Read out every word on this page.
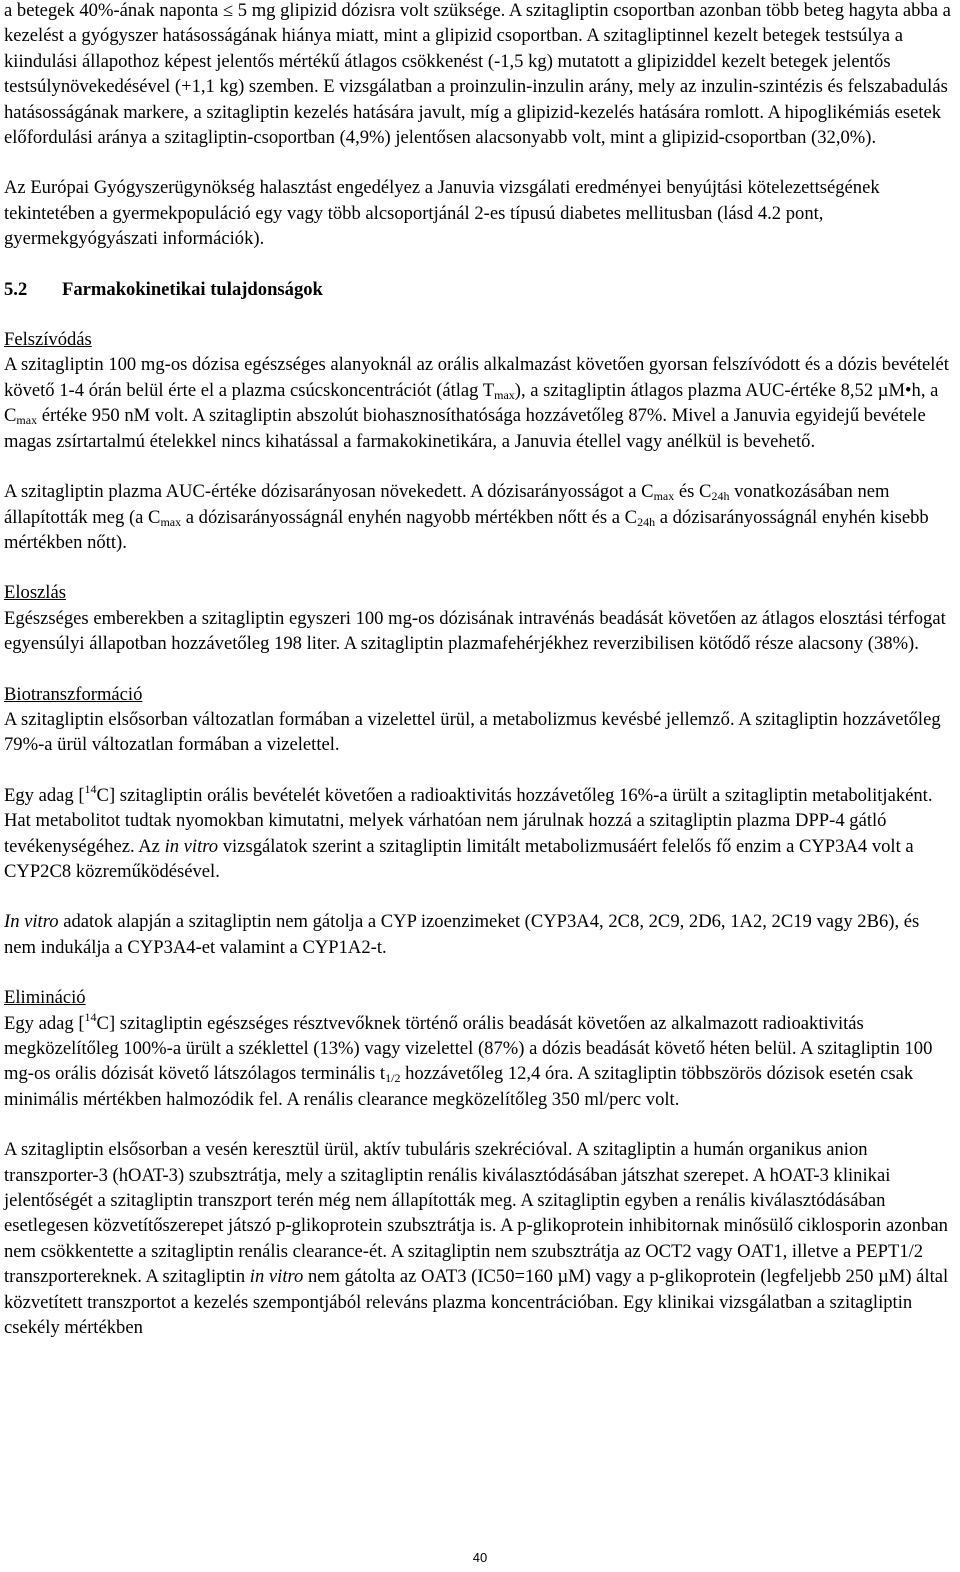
a betegek 40%-ának naponta ≤ 5 mg glipizid dózisra volt szüksége. A szitagliptin csoportban azonban több beteg hagyta abba a kezelést a gyógyszer hatásosságának hiánya miatt, mint a glipizid csoportban. A szitagliptinnel kezelt betegek testsúlya a kiindulási állapothoz képest jelentős mértékű átlagos csökkenést (-1,5 kg) mutatott a glipiziddel kezelt betegek jelentős testsúlynövekedésével (+1,1 kg) szemben. E vizsgálatban a proinzulin-inzulin arány, mely az inzulin-szintézis és felszabadulás hatásosságának markere, a szitagliptin kezelés hatására javult, míg a glipizid-kezelés hatására romlott. A hipoglikémiás esetek előfordulási aránya a szitagliptin-csoportban (4,9%) jelentősen alacsonyabb volt, mint a glipizid-csoportban (32,0%).

Az Európai Gyógyszerügynökség halasztást engedélyez a Januvia vizsgálati eredményei benyújtási kötelezettségének tekintetében a gyermekpopuláció egy vagy több alcsoportjánál 2-es típusú diabetes mellitusban (lásd 4.2 pont, gyermekgyógyászati információk).

5.2 Farmakokinetikai tulajdonságok

Felszívódás

A szitagliptin 100 mg-os dózisa egészséges alanyoknál az orális alkalmazást követően gyorsan felszívódott és a dózis bevételét követő 1-4 órán belül érte el a plazma csúcskoncentrációt (átlag $T_{max}$), a szitagliptin átlagos plazma AUC-értéke 8,52 µM•h, a $C_{max}$ értéke 950 nM volt. A szitagliptin abszolút biohasznosíthatósága hozzávetőleg 87%. Mivel a Januvia egyidejű bevétele magas zsírtartalmú ételekkel nincs kihatással a farmakokinetikára, a Januvia étellel vagy anélkül is bevehető.

A szitagliptin plazma AUC-értéke dózisarányosan növekedett. A dózisarányosságot a $C_{max}$ és $C_{24h}$ vonatkozásában nem állapították meg (a $C_{max}$ a dózisarányosságnál enyhén nagyobb mértékben nőtt és a $C_{24h}$ a dózisarányosságnál enyhén kisebb mértékben nőtt).

Eloszlás

Egészséges emberekben a szitagliptin egyszeri 100 mg-os dózisának intravénás beadását követően az átlagos elosztási térfogat egyensúlyi állapotban hozzávetőleg 198 liter. A szitagliptin plazmafehérjékhez reverzibilisen kötődő része alacsony (38%).

Biotranszformáció

A szitagliptin elsősorban változatlan formában a vizelettel ürül, a metabolizmus kevésbé jellemző. A szitagliptin hozzávetőleg 79%-a ürül változatlan formában a vizelettel.

Egy adag [$^{14}$C] szitagliptin orális bevételét követően a radioaktivitás hozzávetőleg 16%-a ürült a szitagliptin metabolitjaként. Hat metabolitot tudtak nyomokban kimutatni, melyek várhatóan nem járulnak hozzá a szitagliptin plazma DPP-4 gátló tevékenységéhez. Az in vitro vizsgálatok szerint a szitagliptin limitált metabolizmusáért felelős fő enzim a CYP3A4 volt a CYP2C8 közreműködésével.

In vitro adatok alapján a szitagliptin nem gátolja a CYP izoenzimeket (CYP3A4, 2C8, 2C9, 2D6, 1A2, 2C19 vagy 2B6), és nem indukálja a CYP3A4-et valamint a CYP1A2-t.

Elimináció

Egy adag [$^{14}$C] szitagliptin egészséges résztvevőknek történő orális beadását követően az alkalmazott radioaktivitás megközelítőleg 100%-a ürült a széklettel (13%) vagy vizelettel (87%) a dózis beadását követő héten belül. A szitagliptin 100 mg-os orális dózisát követő látszólagos terminális $t_{1/2}$ hozzávetőleg 12,4 óra. A szitagliptin többszörös dózisok esetén csak minimális mértékben halmozódik fel. A renális clearance megközelítőleg 350 ml/perc volt.

A szitagliptin elsősorban a vesén keresztül ürül, aktív tubuláris szekrécióval. A szitagliptin a humán organikus anion transzporter-3 (hOAT-3) szubsztrátja, mely a szitagliptin renális kiválasztódásában játszhat szerepet. A hOAT-3 klinikai jelentőségét a szitagliptin transzport terén még nem állapították meg. A szitagliptin egyben a renális kiválasztódásában esetlegesen közvetítőszerepet játszó p-glikoprotein szubsztrátja is. A p-glikoprotein inhibitornak minősülő ciklosporin azonban nem csökkentette a szitagliptin renális clearance-ét. A szitagliptin nem szubsztrátja az OCT2 vagy OAT1, illetve a PEPT1/2 transzportereknek. A szitagliptin in vitro nem gátolta az OAT3 (IC50=160 µM) vagy a p-glikoprotein (legfeljebb 250 µM) által közvetített transzportot a kezelés szempontjából releváns plazma koncentrációban. Egy klinikai vizsgálatban a szitagliptin csekély mértékben

40
